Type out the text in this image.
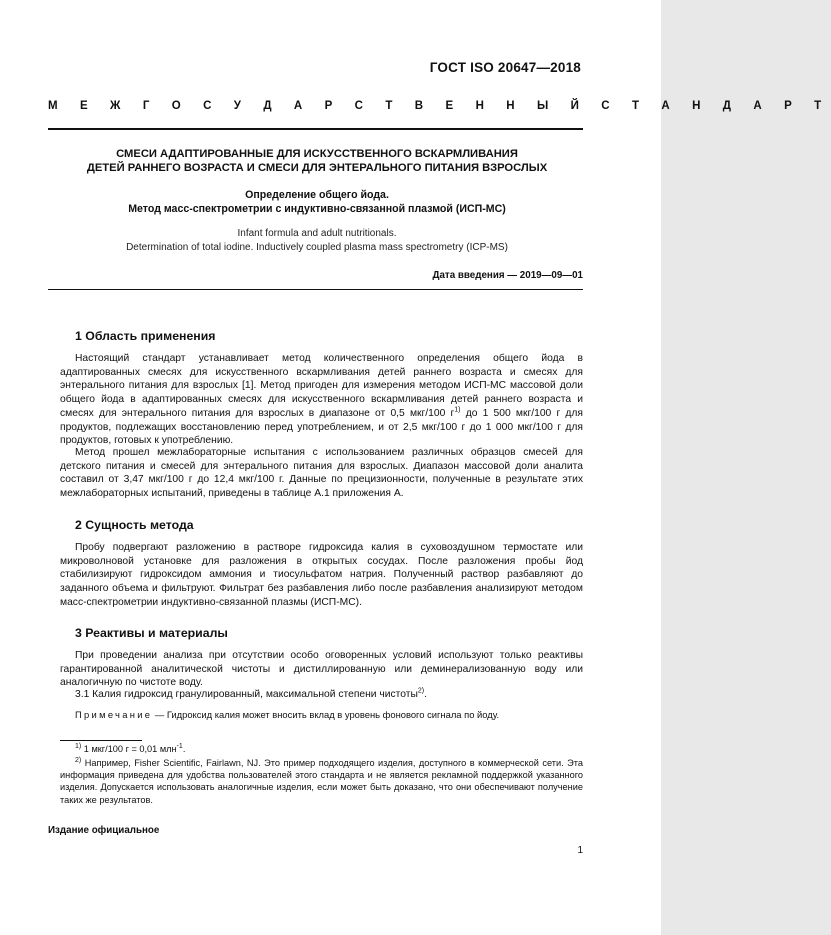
ГОСТ ISO 20647—2018
М Е Ж Г О С У Д А Р С Т В Е Н Н Ы Й С Т А Н Д А Р Т
СМЕСИ АДАПТИРОВАННЫЕ ДЛЯ ИСКУССТВЕННОГО ВСКАРМЛИВАНИЯ
ДЕТЕЙ РАННЕГО ВОЗРАСТА И СМЕСИ ДЛЯ ЭНТЕРАЛЬНОГО ПИТАНИЯ ВЗРОСЛЫХ
Определение общего йода.
Метод масс-спектрометрии с индуктивно-связанной плазмой (ИСП-МС)
Infant formula and adult nutritionals.
Determination of total iodine. Inductively coupled plasma mass spectrometry (ICP-MS)
Дата введения — 2019—09—01
1 Область применения
Настоящий стандарт устанавливает метод количественного определения общего йода в адаптированных смесях для искусственного вскармливания детей раннего возраста и смесях для энтерального питания для взрослых [1]. Метод пригоден для измерения методом ИСП-МС массовой доли общего йода в адаптированных смесях для искусственного вскармливания детей раннего возраста и смесях для энтерального питания для взрослых в диапазоне от 0,5 мкг/100 $г^{1)}$ до 1 500 мкг/100 г для продуктов, подлежащих восстановлению перед употреблением, и от 2,5 мкг/100 г до 1 000 мкг/100 г для продуктов, готовых к употреблению.
Метод прошел межлабораторные испытания с использованием различных образцов смесей для детского питания и смесей для энтерального питания для взрослых. Диапазон массовой доли аналита составил от 3,47 мкг/100 г до 12,4 мкг/100 г. Данные по прецизионности, полученные в результате этих межлабораторных испытаний, приведены в таблице А.1 приложения А.
2 Сущность метода
Пробу подвергают разложению в растворе гидроксида калия в суховоздушном термостате или микроволновой установке для разложения в открытых сосудах. После разложения пробы йод стабилизируют гидроксидом аммония и тиосульфатом натрия. Полученный раствор разбавляют до заданного объема и фильтруют. Фильтрат без разбавления либо после разбавления анализируют методом масс-спектрометрии индуктивно-связанной плазмы (ИСП-МС).
3 Реактивы и материалы
При проведении анализа при отсутствии особо оговоренных условий используют только реактивы гарантированной аналитической чистоты и дистиллированную или деминерализованную воду или аналогичную по чистоте воду.
3.1 Калия гидроксид гранулированный, максимальной степени чистоты$^{2)}$.
Примечание — Гидроксид калия может вносить вклад в уровень фонового сигнала по йоду.
$^{1)}$ 1 мкг/100 г = 0,01 млн$^{-1}$.
$^{2)}$ Например, Fisher Scientific, Fairlawn, NJ. Это пример подходящего изделия, доступного в коммерческой сети. Эта информация приведена для удобства пользователей этого стандарта и не является рекламной поддержкой указанного изделия. Допускается использовать аналогичные изделия, если может быть доказано, что они обеспечивают получение таких же результатов.
Издание официальное
1
